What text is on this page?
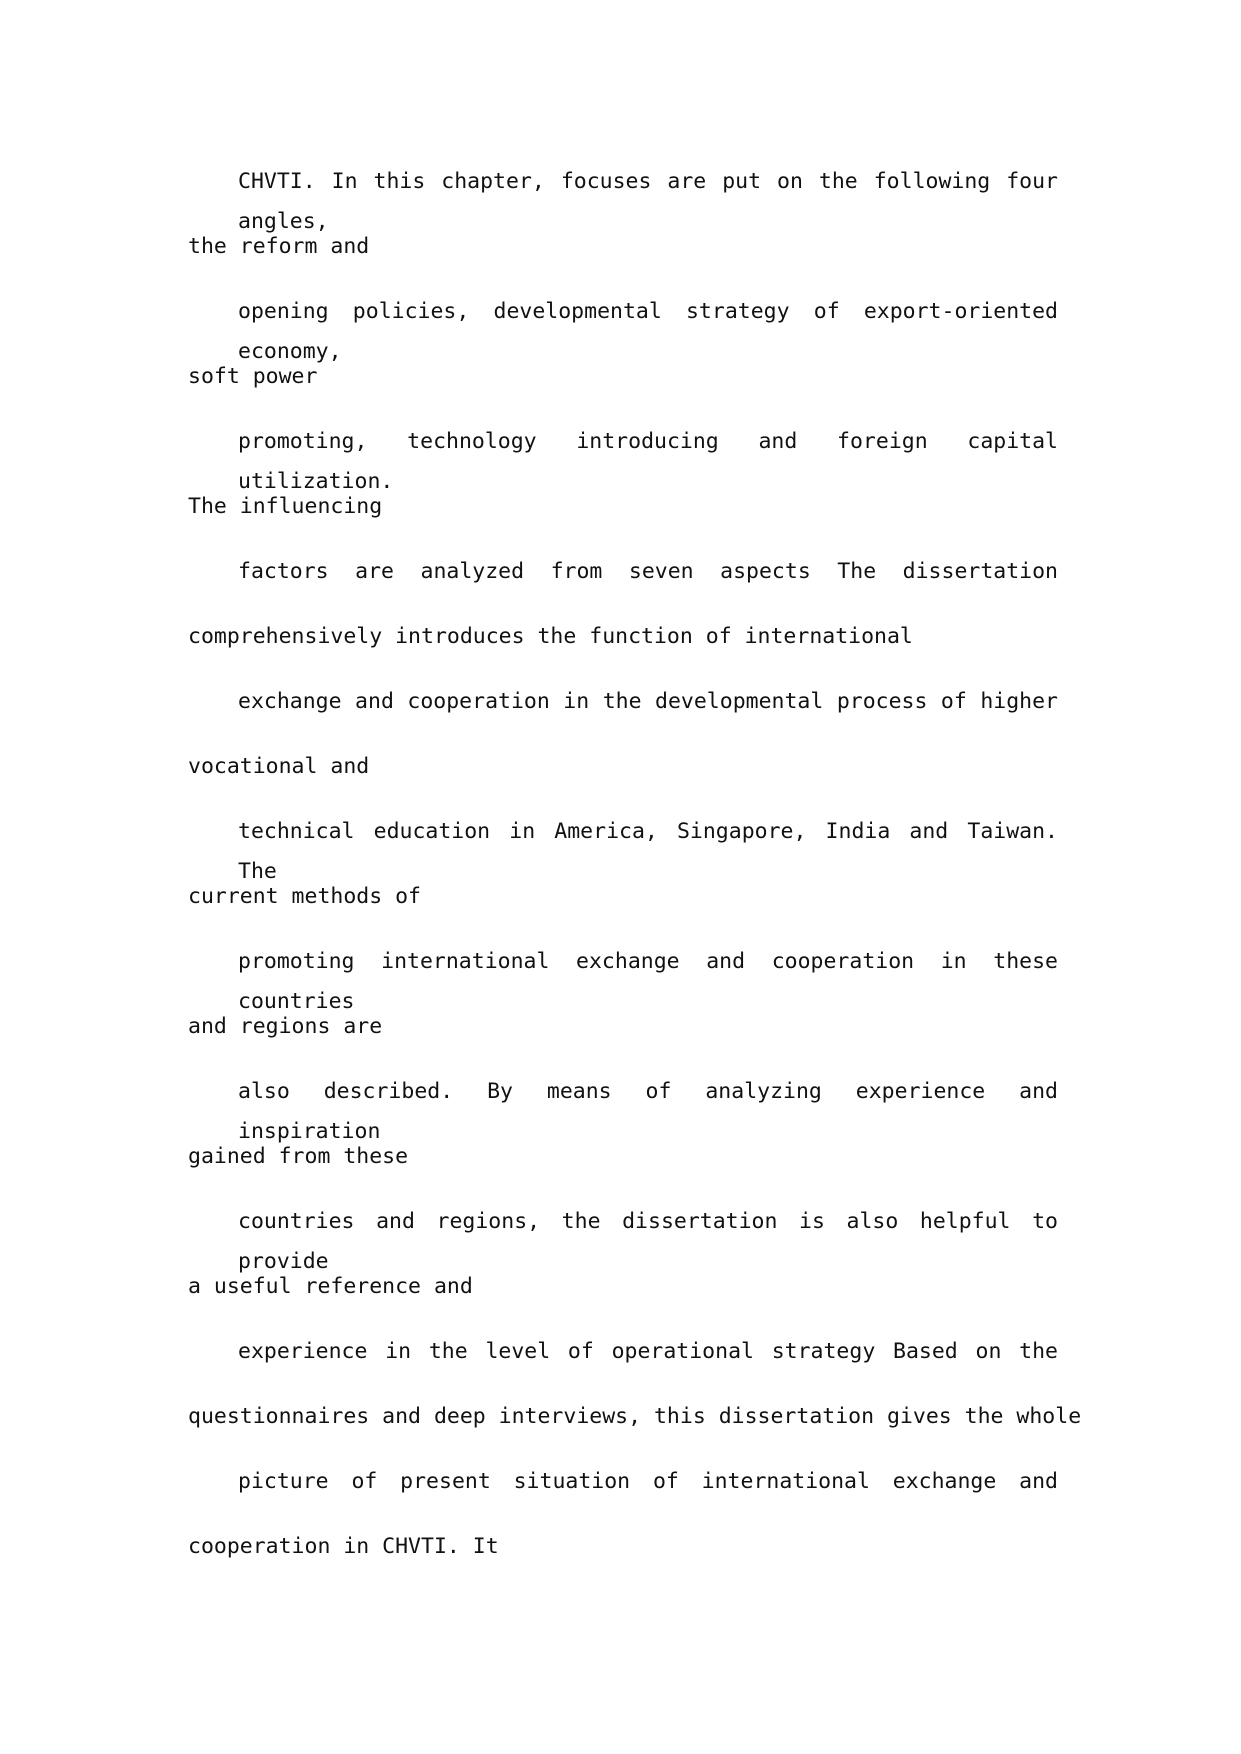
CHVTI. In this chapter, focuses are put on the following four angles,
the reform and
opening policies, developmental strategy of export-oriented economy,
soft power
promoting, technology introducing and foreign capital utilization.
The influencing
factors are analyzed from seven aspects The dissertation
comprehensively introduces the function of international
exchange and cooperation in the developmental process of higher
vocational and
technical education in America, Singapore, India and Taiwan. The
current methods of
promoting international exchange and cooperation in these countries
and regions are
also described. By means of analyzing experience and inspiration
gained from these
countries and regions, the dissertation is also helpful to provide
a useful reference and
experience in the level of operational strategy Based on the
questionnaires and deep interviews, this dissertation gives the whole
picture of present situation of international exchange and
cooperation in CHVTI. It
